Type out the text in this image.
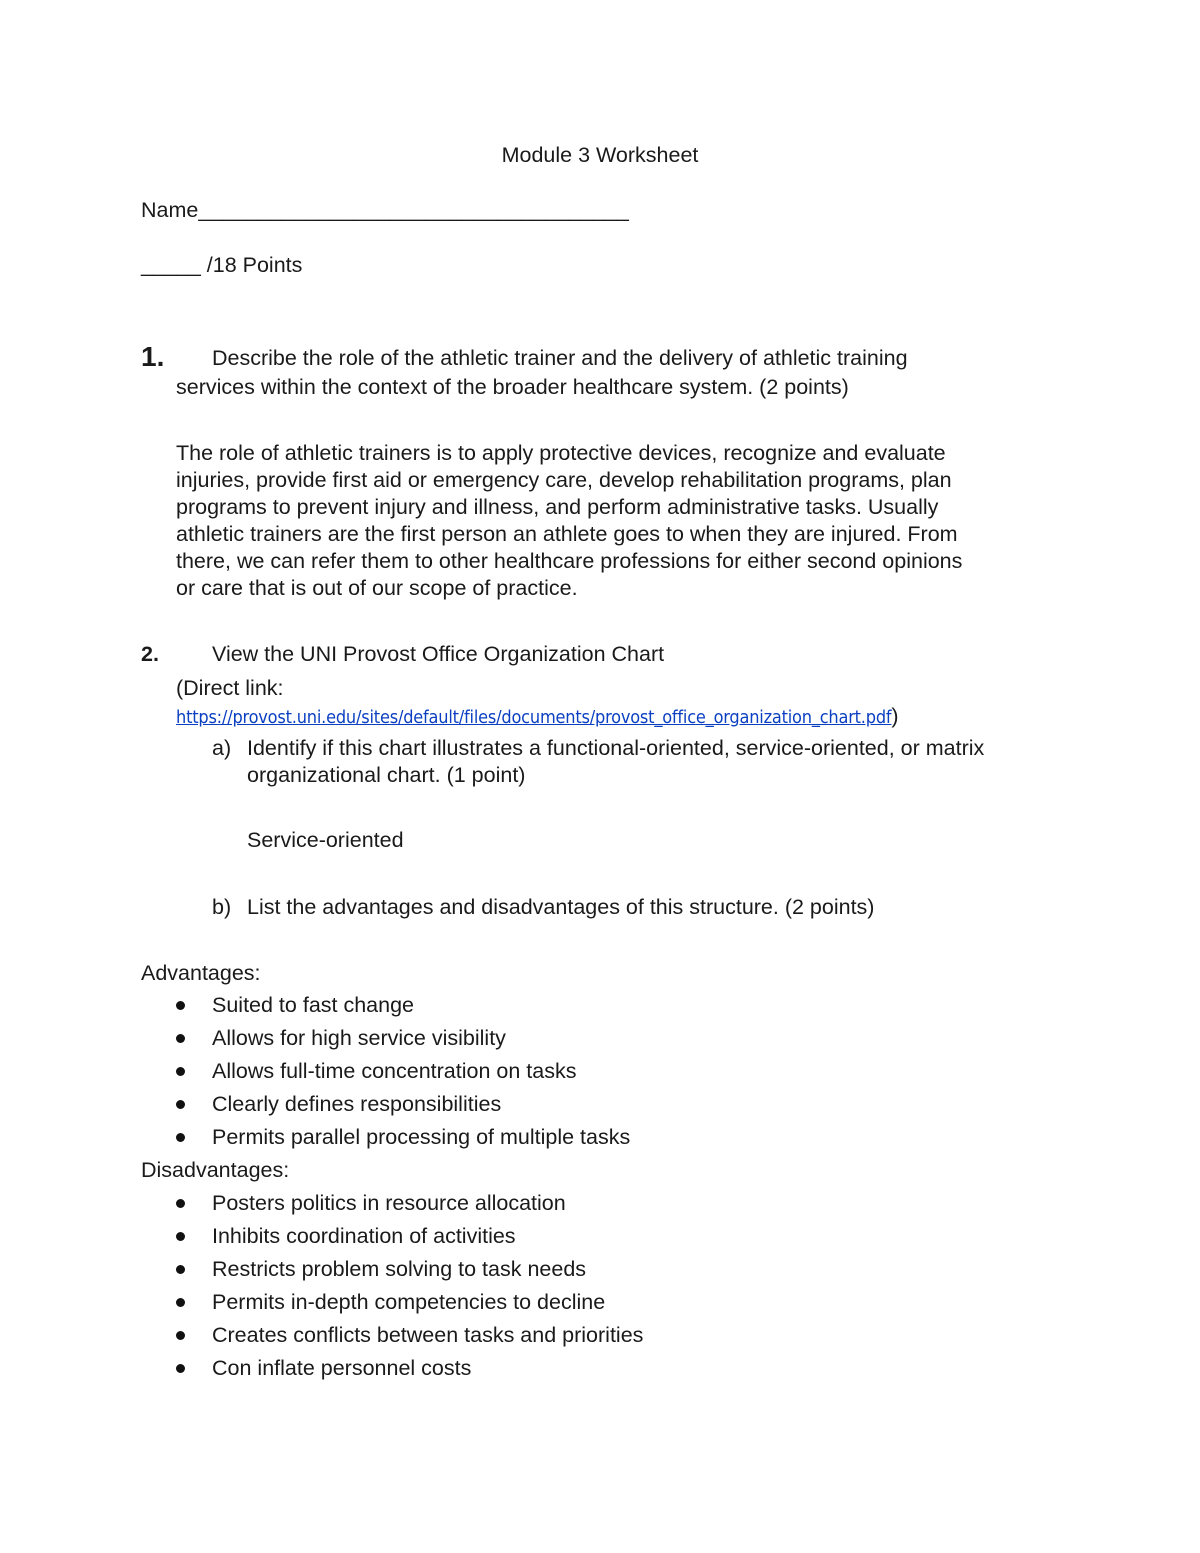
Module 3 Worksheet
Name____________________________________
_____ /18 Points
1. Describe the role of the athletic trainer and the delivery of athletic training
services within the context of the broader healthcare system. (2 points)

The role of athletic trainers is to apply protective devices, recognize and evaluate

injuries, provide first aid or emergency care, develop rehabilitation programs, plan

programs to prevent injury and illness, and perform administrative tasks. Usually

athletic trainers are the first person an athlete goes to when they are injured. From

there, we can refer them to other healthcare professions for either second opinions

or care that is out of our scope of practice.

2. View the UNI Provost Office Organization Chart
(Direct link:
https://provost.uni.edu/sites/default/files/documents/provost_office_organization_chart.pdf)
a) Identify if this chart illustrates a functional-oriented, service-oriented, or matrix
organizational chart. (1 point)
Service-oriented
b) List the advantages and disadvantages of this structure. (2 points)
Advantages:
Suited to fast change
Allows for high service visibility
Allows full-time concentration on tasks
Clearly defines responsibilities
Permits parallel processing of multiple tasks
Disadvantages:
Posters politics in resource allocation
Inhibits coordination of activities
Restricts problem solving to task needs
Permits in-depth competencies to decline
Creates conflicts between tasks and priorities
Con inflate personnel costs
